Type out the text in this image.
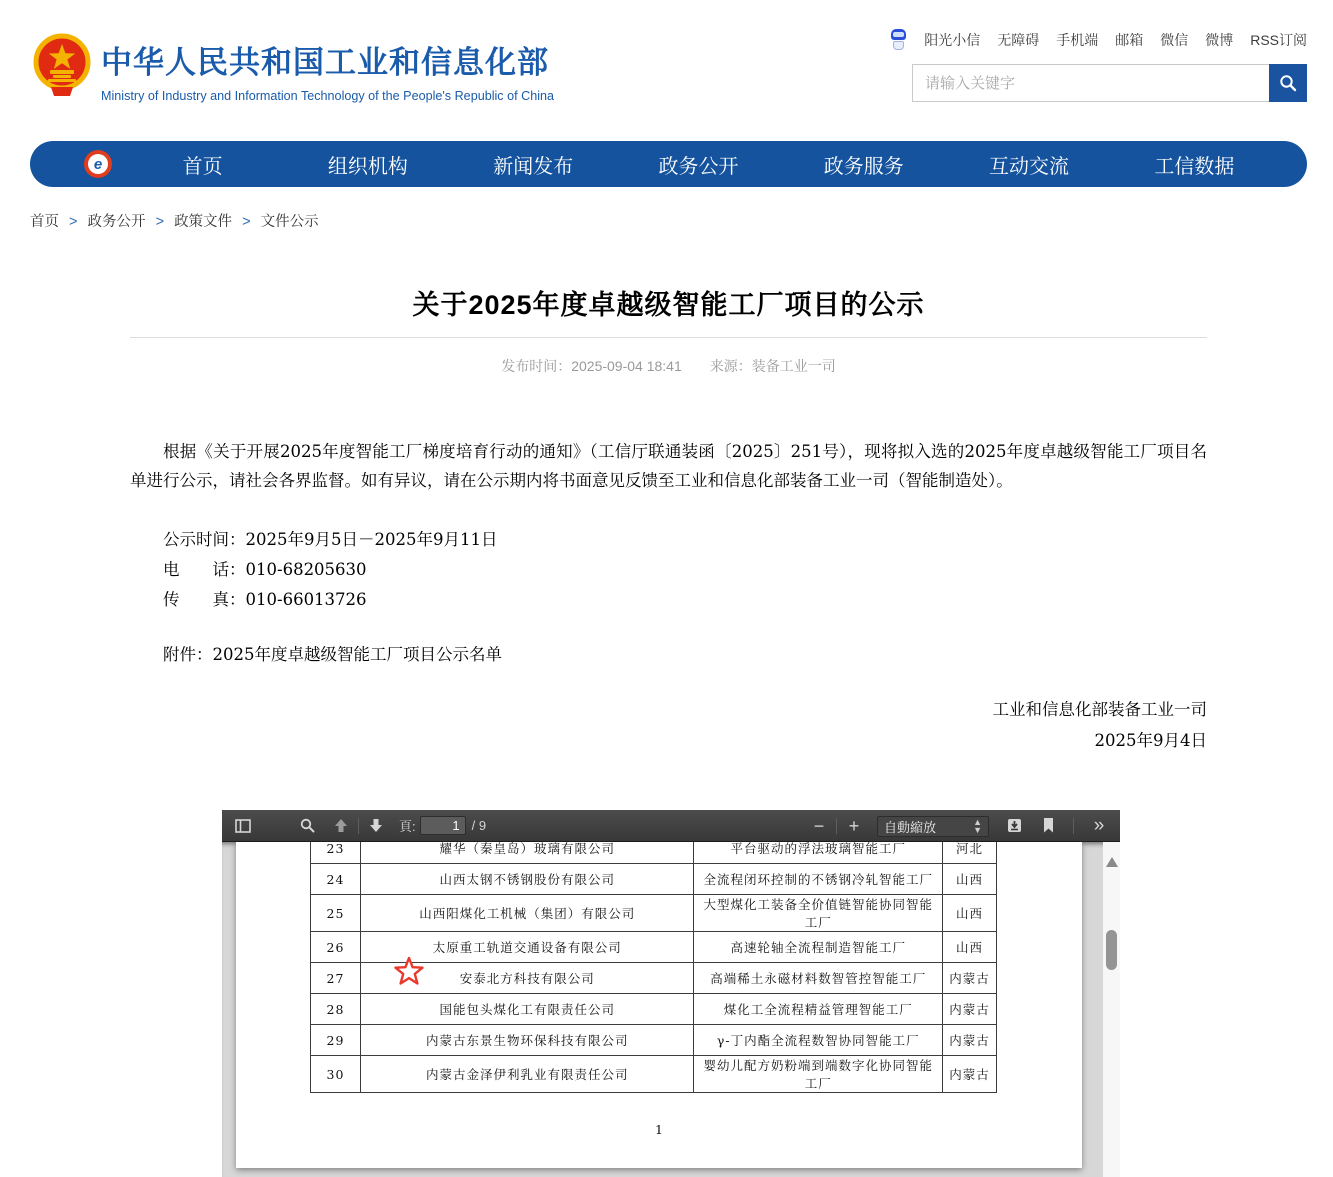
中华人民共和国工业和信息化部
Ministry of Industry and Information Technology of the People's Republic of China
阳光小信 无障碍 手机端 邮箱 微信 微博 RSS订阅
请输入关键字
e	首页	组织机构	新闻发布	政务公开	政务服务	互动交流	工信数据
首页 > 政务公开 > 政策文件 > 文件公示
关于2025年度卓越级智能工厂项目的公示
发布时间：2025-09-04 18:41 来源：装备工业一司
根据《关于开展2025年度智能工厂梯度培育行动的通知》（工信厅联通装函〔2025〕251号），现将拟入选的2025年度卓越级智能工厂项目名单进行公示，请社会各界监督。如有异议，请在公示期内将书面意见反馈至工业和信息化部装备工业一司（智能制造处）。
公示时间：2025年9月5日－2025年9月11日
电　　话：010-68205630
传　　真：010-66013726
附件：2025年度卓越级智能工厂项目公示名单
工业和信息化部装备工业一司
2025年9月4日
頁:
1	/ 9	− + 自動縮放	▲
▼	»
23	耀华（秦皇岛）玻璃有限公司	平台驱动的浮法玻璃智能工厂	河北
24	山西太钢不锈钢股份有限公司	全流程闭环控制的不锈钢冷轧智能工厂	山西
25	山西阳煤化工机械（集团）有限公司	大型煤化工装备全价值链智能协同智能工厂	山西
26	太原重工轨道交通设备有限公司	高速轮轴全流程制造智能工厂	山西
27	安泰北方科技有限公司	高端稀土永磁材料数智管控智能工厂	内蒙古
28	国能包头煤化工有限责任公司	煤化工全流程精益管理智能工厂	内蒙古
29	内蒙古东景生物环保科技有限公司	γ-丁内酯全流程数智协同智能工厂	内蒙古
30	内蒙古金泽伊利乳业有限责任公司	婴幼儿配方奶粉端到端数字化协同智能工厂	内蒙古
1
